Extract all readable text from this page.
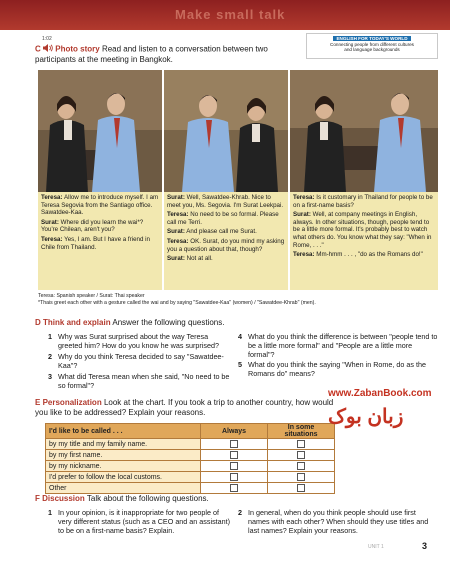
Make small talk
ENGLISH FOR TODAY'S WORLD
Connecting people from different cultures
and language backgrounds
1:02
C Photo story Read and listen to a conversation between two participants at the meeting in Bangkok.

Teresa: Allow me to introduce myself. I am Teresa Segovia from the Santiago office. Sawatdee-Kaa.

Surat: Where did you learn the wai*? You're Chilean, aren't you?

Teresa: Yes, I am. But I have a friend in Chile from Thailand.

Surat: Well, Sawatdee-Khrab. Nice to meet you, Ms. Segovia. I'm Surat Leekpai.

Teresa: No need to be so formal. Please call me Terri.

Surat: And please call me Surat.

Teresa: OK. Surat, do you mind my asking you a question about that, though?

Surat: Not at all.

Teresa: Is it customary in Thailand for people to be on a first-name basis?

Surat: Well, at company meetings in English, always. In other situations, though, people tend to be a little more formal. It's probably best to watch what others do. You know what they say: "When in Rome, . . ."

Teresa: Mm-hmm . . . , "do as the Romans do!"

Teresa: Spanish speaker / Surat: Thai speaker
*Thais greet each other with a gesture called the wai and by saying "Sawatdee-Kaa" (women) / "Sawatdee-Khrab" (men).
D Think and explain Answer the following questions.
1 Why was Surat surprised about the way Teresa greeted him? How do you know he was surprised?
2 Why do you think Teresa decided to say "Sawatdee-Kaa"?
3 What did Teresa mean when she said, "No need to be so formal"?
4 What do you think the difference is between "people tend to be a little more formal" and "People are a little more formal"?
5 What do you think the saying "When in Rome, do as the Romans do" means?
E Personalization Look at the chart. If you took a trip to another country, how would you like to be addressed? Explain your reasons.
I'd like to be called . . .	Always	In some situations
by my title and my family name.		
by my first name.		
by my nickname.		
I'd prefer to follow the local customs.		
Other		
www.ZabanBook.com
زبان بوک
F Discussion Talk about the following questions.
1 In your opinion, is it inappropriate for two people of very different status (such as a CEO and an assistant) to be on a first-name basis? Explain.
2 In general, when do you think people should use first names with each other? When should they use titles and last names? Explain your reasons.
UNIT 1	3
